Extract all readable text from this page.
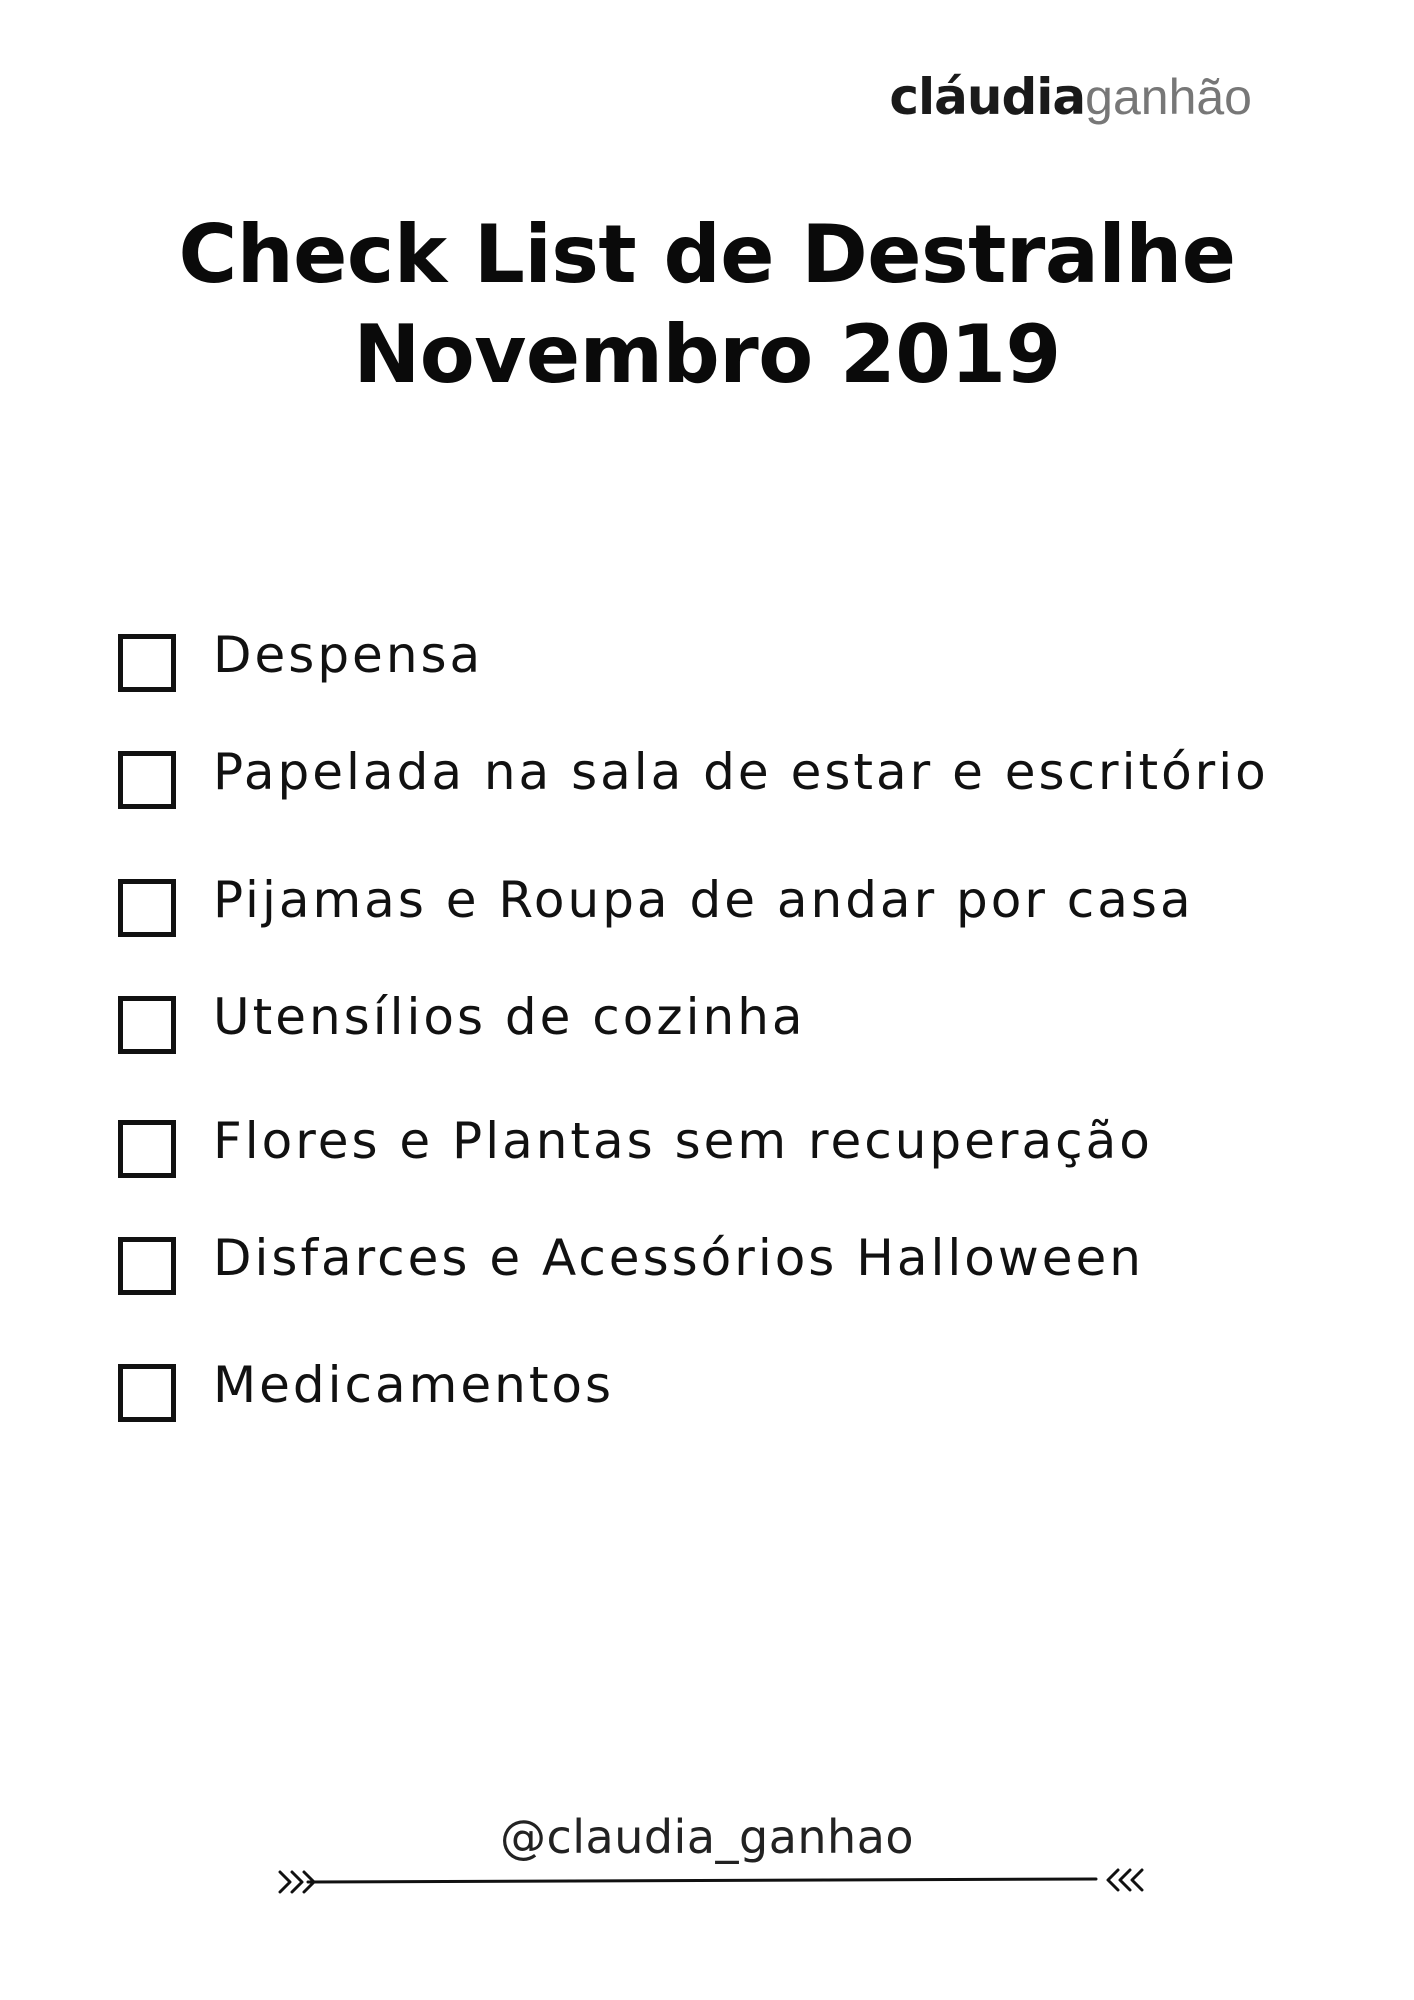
cláudiaganhão
Check List de Destralhe
Novembro 2019
Despensa
Papelada na sala de estar e escritório
Pijamas e Roupa de andar por casa
Utensílios de cozinha
Flores e Plantas sem recuperação
Disfarces e Acessórios Halloween
Medicamentos
@claudia_ganhao
